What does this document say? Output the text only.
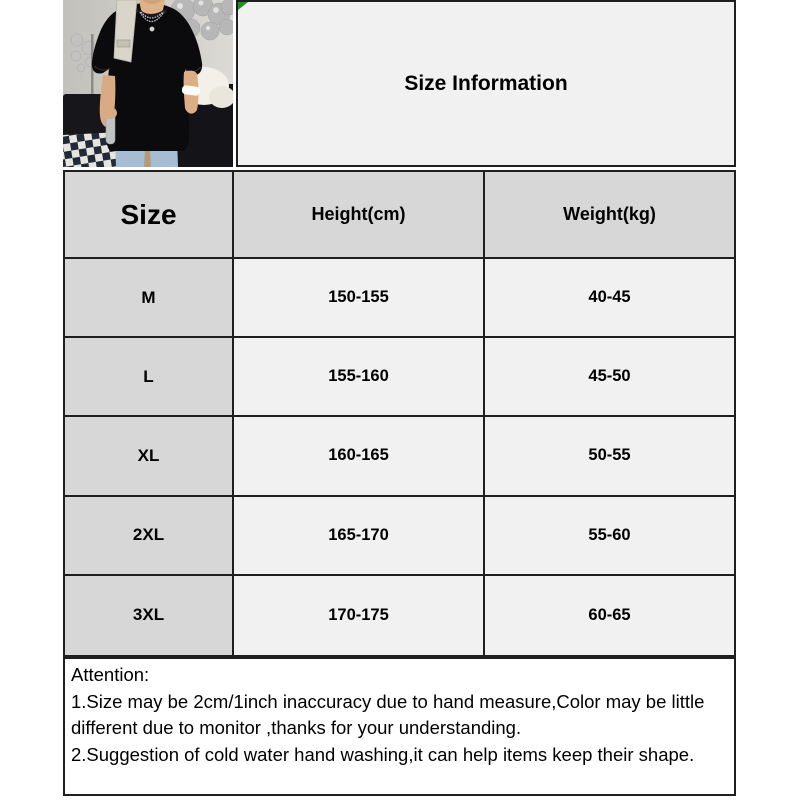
Size Information
Size	Height(cm)	Weight(kg)
M	150-155	40-45
L	155-160	45-50
XL	160-165	50-55
2XL	165-170	55-60
3XL	170-175	60-65
Attention:
1.Size may be 2cm/1inch inaccuracy due to hand measure,Color may be little
different due to monitor ,thanks for your understanding.
2.Suggestion of cold water hand washing,it can help items keep their shape.
